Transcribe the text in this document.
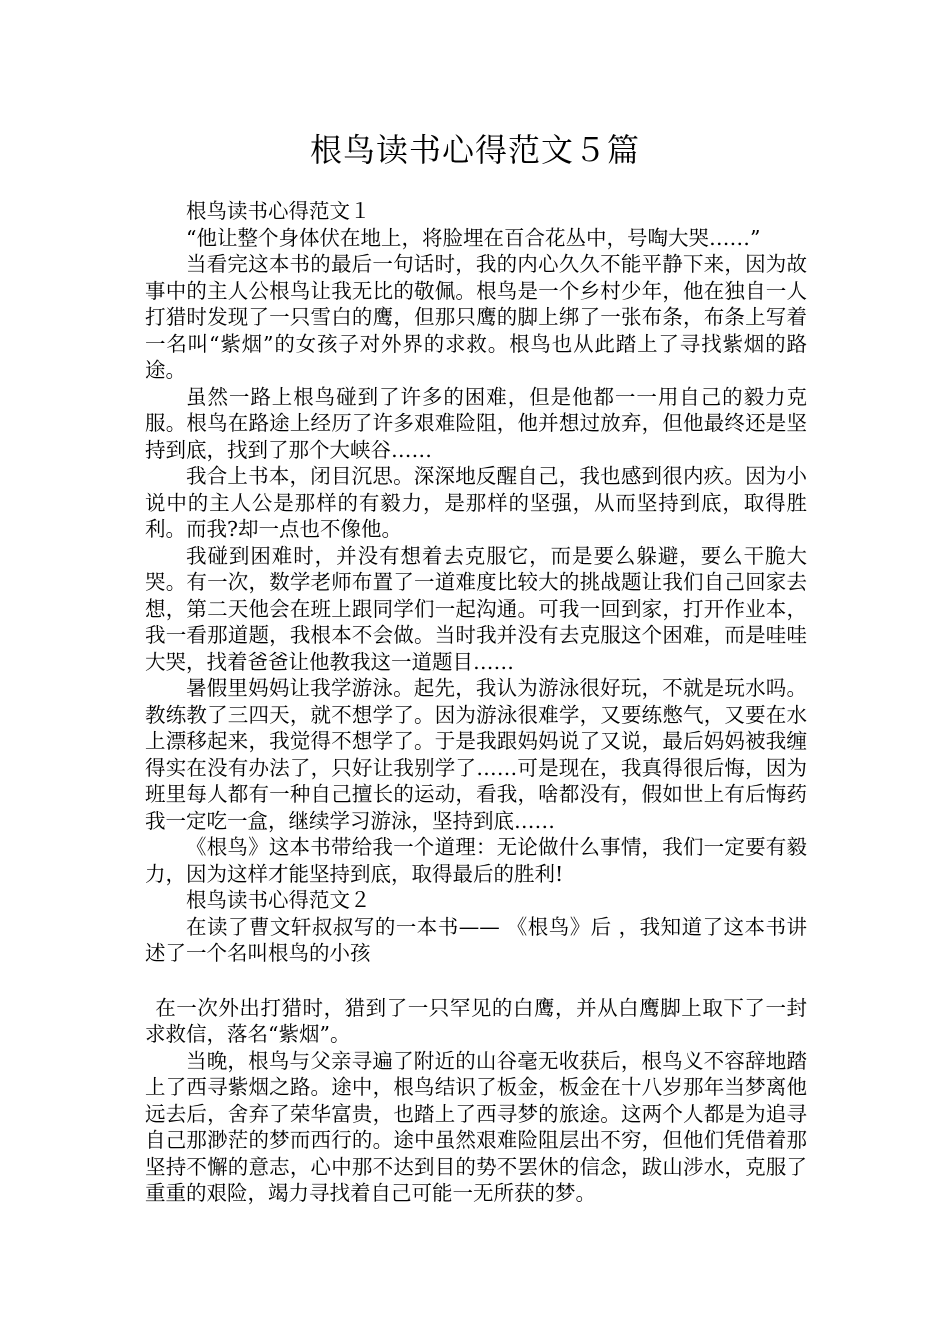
根鸟读书心得范文５篇

根鸟读书心得范文１

“他让整个身体伏在地上，将脸埋在百合花丛中，号啕大哭……”

当看完这本书的最后一句话时，我的内心久久不能平静下来，因为故事中的主人公根鸟让我无比的敬佩。根鸟是一个乡村少年，他在独自一人打猎时发现了一只雪白的鹰，但那只鹰的脚上绑了一张布条，布条上写着一名叫“紫烟”的女孩子对外界的求救。根鸟也从此踏上了寻找紫烟的路途。

虽然一路上根鸟碰到了许多的困难，但是他都一一用自己的毅力克服。根鸟在路途上经历了许多艰难险阻，他并想过放弃，但他最终还是坚持到底，找到了那个大峡谷……

我合上书本，闭目沉思。深深地反醒自己，我也感到很内疚。因为小说中的主人公是那样的有毅力，是那样的坚强，从而坚持到底，取得胜利。而我?却一点也不像他。

我碰到困难时，并没有想着去克服它，而是要么躲避，要么干脆大哭。有一次，数学老师布置了一道难度比较大的挑战题让我们自己回家去想，第二天他会在班上跟同学们一起沟通。可我一回到家，打开作业本，我一看那道题，我根本不会做。当时我并没有去克服这个困难，而是哇哇大哭，找着爸爸让他教我这一道题目……

暑假里妈妈让我学游泳。起先，我认为游泳很好玩，不就是玩水吗。教练教了三四天，就不想学了。因为游泳很难学，又要练憋气，又要在水上漂移起来，我觉得不想学了。于是我跟妈妈说了又说，最后妈妈被我缠得实在没有办法了，只好让我别学了……可是现在，我真得很后悔，因为班里每人都有一种自己擅长的运动，看我，啥都没有，假如世上有后悔药我一定吃一盒，继续学习游泳，坚持到底……

《根鸟》这本书带给我一个道理：无论做什么事情，我们一定要有毅力，因为这样才能坚持到底，取得最后的胜利!

根鸟读书心得范文２

在读了曹文轩叔叔写的一本书—— 《根鸟》后 ，我知道了这本书讲述了一个名叫根鸟的小孩

在一次外出打猎时，猎到了一只罕见的白鹰，并从白鹰脚上取下了一封求救信，落名“紫烟”。

当晚，根鸟与父亲寻遍了附近的山谷毫无收获后，根鸟义不容辞地踏上了西寻紫烟之路。途中，根鸟结识了板金，板金在十八岁那年当梦离他远去后，舍弃了荣华富贵，也踏上了西寻梦的旅途。这两个人都是为追寻自己那渺茫的梦而西行的。途中虽然艰难险阻层出不穷，但他们凭借着那坚持不懈的意志，心中那不达到目的势不罢休的信念，跋山涉水，克服了重重的艰险，竭力寻找着自己可能一无所获的梦。
